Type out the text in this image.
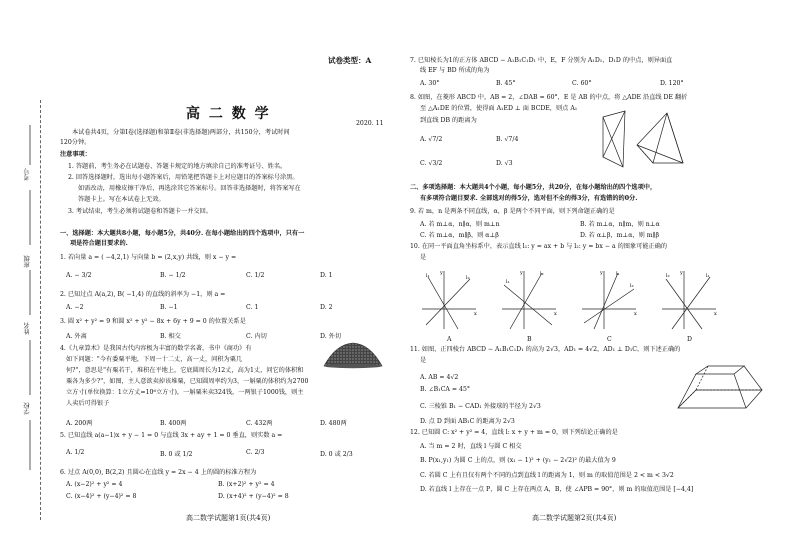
考号
班级
姓名
学校
试卷类型：A
高 二 数 学
2020. 11
本试卷共4页，分第Ⅰ卷(选择题)和第Ⅱ卷(非选择题)两部分，共150分，考试时间
120分钟。
注意事项：
1. 答题前，考生务必在试题卷、答题卡规定的地方填涂自己的准考证号、姓名。
2. 回答选择题时，选出每小题答案后，用铅笔把答题卡上对应题目的答案标号涂黑。
如需改动，用橡皮擦干净后，再选涂其它答案标号。回答非选择题时，将答案写在
答题卡上。写在本试卷上无效。
3. 考试结束，考生必须将试题卷和答题卡一并交回。
一、选择题：本大题共8小题，每小题5分，共40分. 在每小题给出的四个选项中，只有一
项是符合题目要求的.
1. 若向量 a = ( −4,2,1) 与向量 b = (2,x,y) 共线，则 x − y =
A. − 3/2	B. − 1/2	C. 1/2	D. 1
2. 已知过点 A(a,2), B( −1,4) 的直线的斜率为 −1，则 a =
A. −2	B. −1	C. 1	D. 2
3. 圆 x² + y² = 9 和圆 x² + y² − 8x + 6y + 9 = 0 的位置关系是
A. 外离	B. 相交	C. 内切	D. 外切
4.《九章算术》是我国古代内容极为丰富的数学名著，书中《商功》有
如下问题："今有委粟平地，下周一十二丈，高一丈，问积为粟几
何?"，意思是"有粟若干，堆积在平地上，它底圆周长为12丈，高为1丈，问它的体积和
粟各为多少?"，如图，主人意欲卖掉该堆粟，已知圆周率约为3，一斛粟的体积约为2700
立方寸(单位换算：1立方丈=10⁶立方寸)，一斛粟米卖324钱，一两银子1000钱，则主
人卖后可得银子
A. 200两	B. 400两	C. 432两	D. 480两
5. 已知直线 a(a−1)x + y − 1 = 0 与直线 3x + ay + 1 = 0 垂直，则实数 a =
A. 1/2	B. 0 或 1/2	C. 2/3	D. 0 或 2/3
6. 过点 A(0,0), B(2,2) 且圆心在直线 y = 2x − 4 上的圆的标准方程为
A. (x−2)² + y² = 4	B. (x+2)² + y² = 4
C. (x−4)² + (y−4)² = 8	D. (x+4)² + (y−4)² = 8
高二数学试题第1页(共4页)
7. 已知棱长为1的正方体 ABCD − A₁B₁C₁D₁ 中，E，F 分别为 A₁D₁，D₁D 的中点，则异面直
线 EF 与 BD 所成的角为
A. 30°	B. 45°	C. 60°	D. 120°
8. 如图，在菱形 ABCD 中，AB = 2，∠DAB = 60°，E 是 AB 的中点，将 △ADE 沿直线 DE 翻折
至 △A₁DE 的位置，使得面 A₁ED ⊥ 面 BCDE，则点 A₁
到直线 DB 的距离为
A. √7/2	B. √7/4
C. √3/2	D. √3
二、多项选择题：本大题共4个小题，每小题5分，共20分，在每小题给出的四个选项中，
有多项符合题目要求. 全部选对的得5分，选对但不全的得3分，有选错的的0分.
9. 若 m，n 是两条不同直线，α，β 是两个不同平面，则下列命题正确的是
A. 若 m⊥α，n∥α，则 m⊥n	B. 若 m⊥α，n∥m，则 n⊥α
C. 若 m⊥α，m∥β，则 α⊥β	D. 若 α⊥β，m⊥α，则 m∥β
10. 在同一平面直角坐标系中，表示直线 l₁: y = ax + b 与 l₂: y = bx − a 的图象可能正确的
是
l₁	l₂
x
y
A
l₂
l₁
x
y
B
l₁
l₂
x
y
C
l₂	l₁
x
y
D
11. 如图，正四棱台 ABCD − A₁B₁C₁D₁ 的高为 2√3，AD₁ = 4√2，AD₁ ⊥ D₁C，则下述正确的
是
A. AB = 4√2
B. ∠B₁CA = 45°
C. 三棱锥 B₁ − CAD₁ 外接球的半径为 2√3
D. 点 D 到面 AB₁C 的距离为 2√3
12. 已知圆 C: x² + y² = 4，直线 l: x + y + m = 0，则下列结论正确的是
A. 当 m = 2 时，直线 l 与圆 C 相交
B. P(x₁,y₁) 为圆 C 上的点，则 (x₁ − 1)² + (y₁ − 2√2)² 的最大值为 9
C. 若圆 C 上有且仅有两个不同的点到直线 l 的距离为 1，则 m 的取值范围是 2 < m < 3√2
D. 若直线 l 上存在一点 P，圆 C 上存在两点 A，B，使 ∠APB = 90°，则 m 的取值范围是 [−4,4]
高二数学试题第2页(共4页)
